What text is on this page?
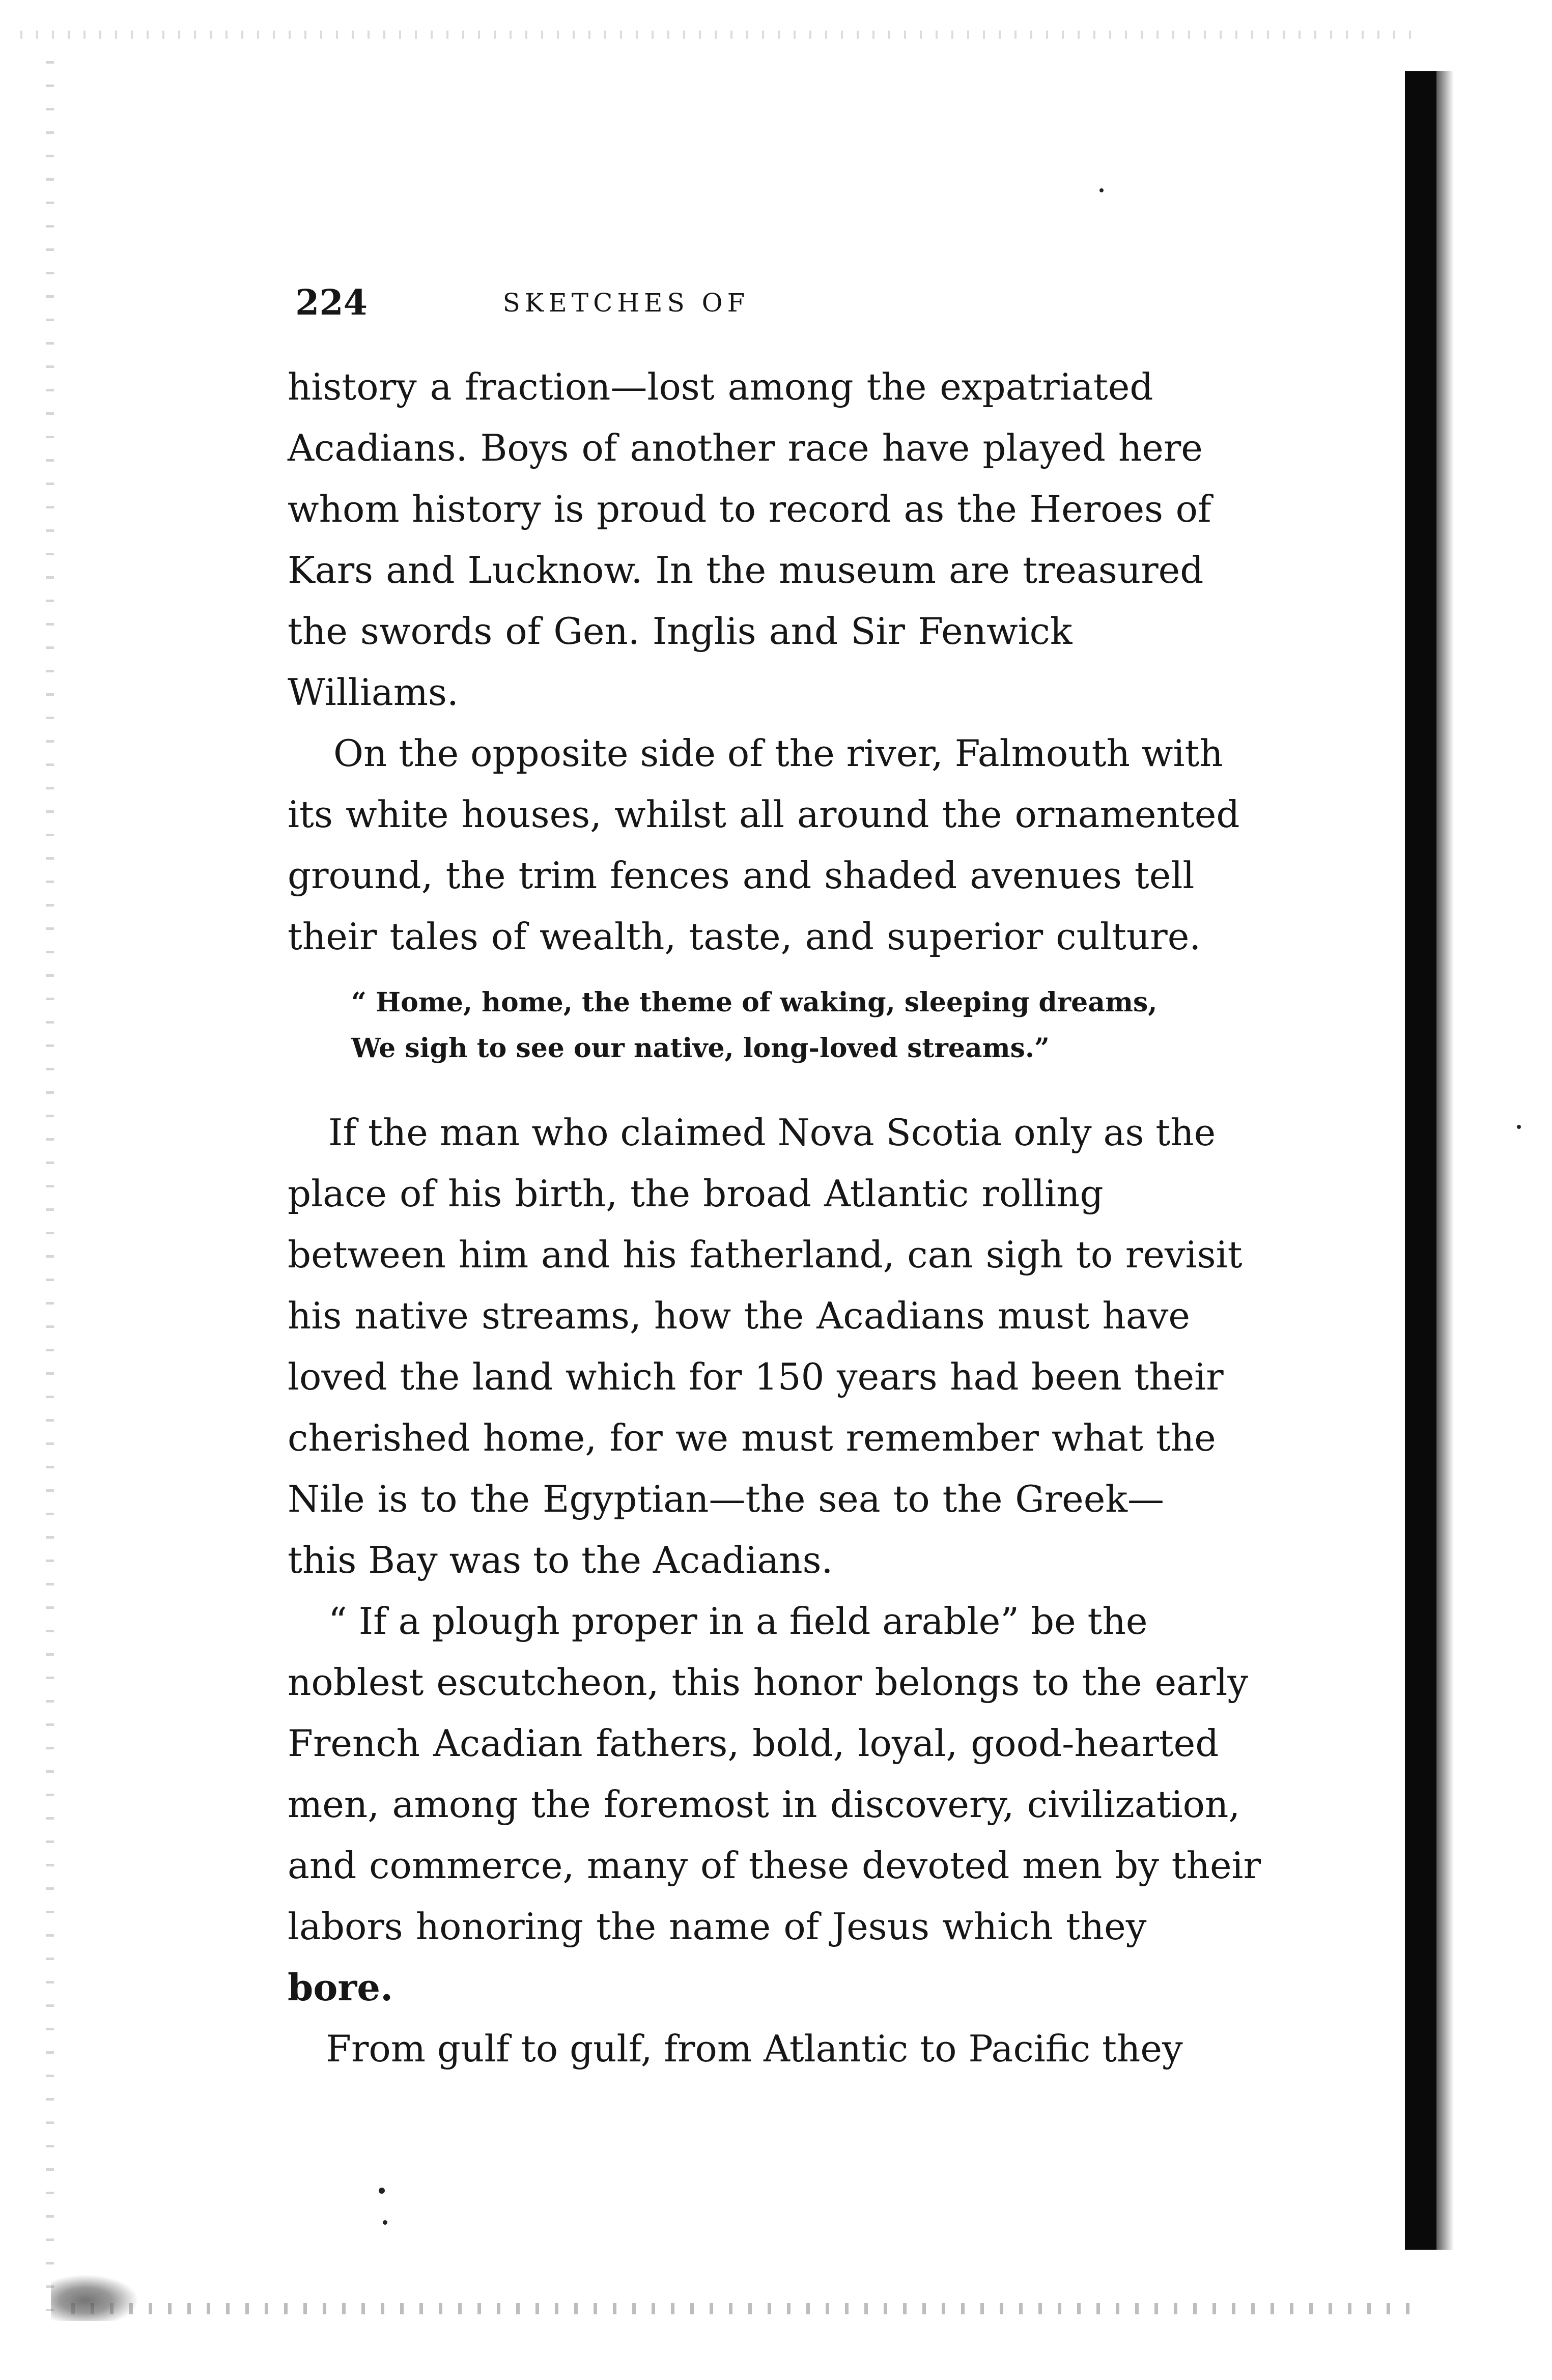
224	SKETCHES OF
history a fraction—lost among the expatriated
Acadians. Boys of another race have played here
whom history is proud to record as the Heroes of
Kars and Lucknow. In the museum are treasured
the swords of Gen. Inglis and Sir Fenwick
Williams.
On the opposite side of the river, Falmouth with
its white houses, whilst all around the ornamented
ground, the trim fences and shaded avenues tell
their tales of wealth, taste, and superior culture.
“ Home, home, the theme of waking, sleeping dreams,
We sigh to see our native, long-loved streams.”
If the man who claimed Nova Scotia only as the
place of his birth, the broad Atlantic rolling
between him and his fatherland, can sigh to revisit
his native streams, how the Acadians must have
loved the land which for 150 years had been their
cherished home, for we must remember what the
Nile is to the Egyptian—the sea to the Greek—
this Bay was to the Acadians.
“ If a plough proper in a field arable” be the
noblest escutcheon, this honor belongs to the early
French Acadian fathers, bold, loyal, good-hearted
men, among the foremost in discovery, civilization,
and commerce, many of these devoted men by their
labors honoring the name of Jesus which they
bore.
From gulf to gulf, from Atlantic to Pacific they
